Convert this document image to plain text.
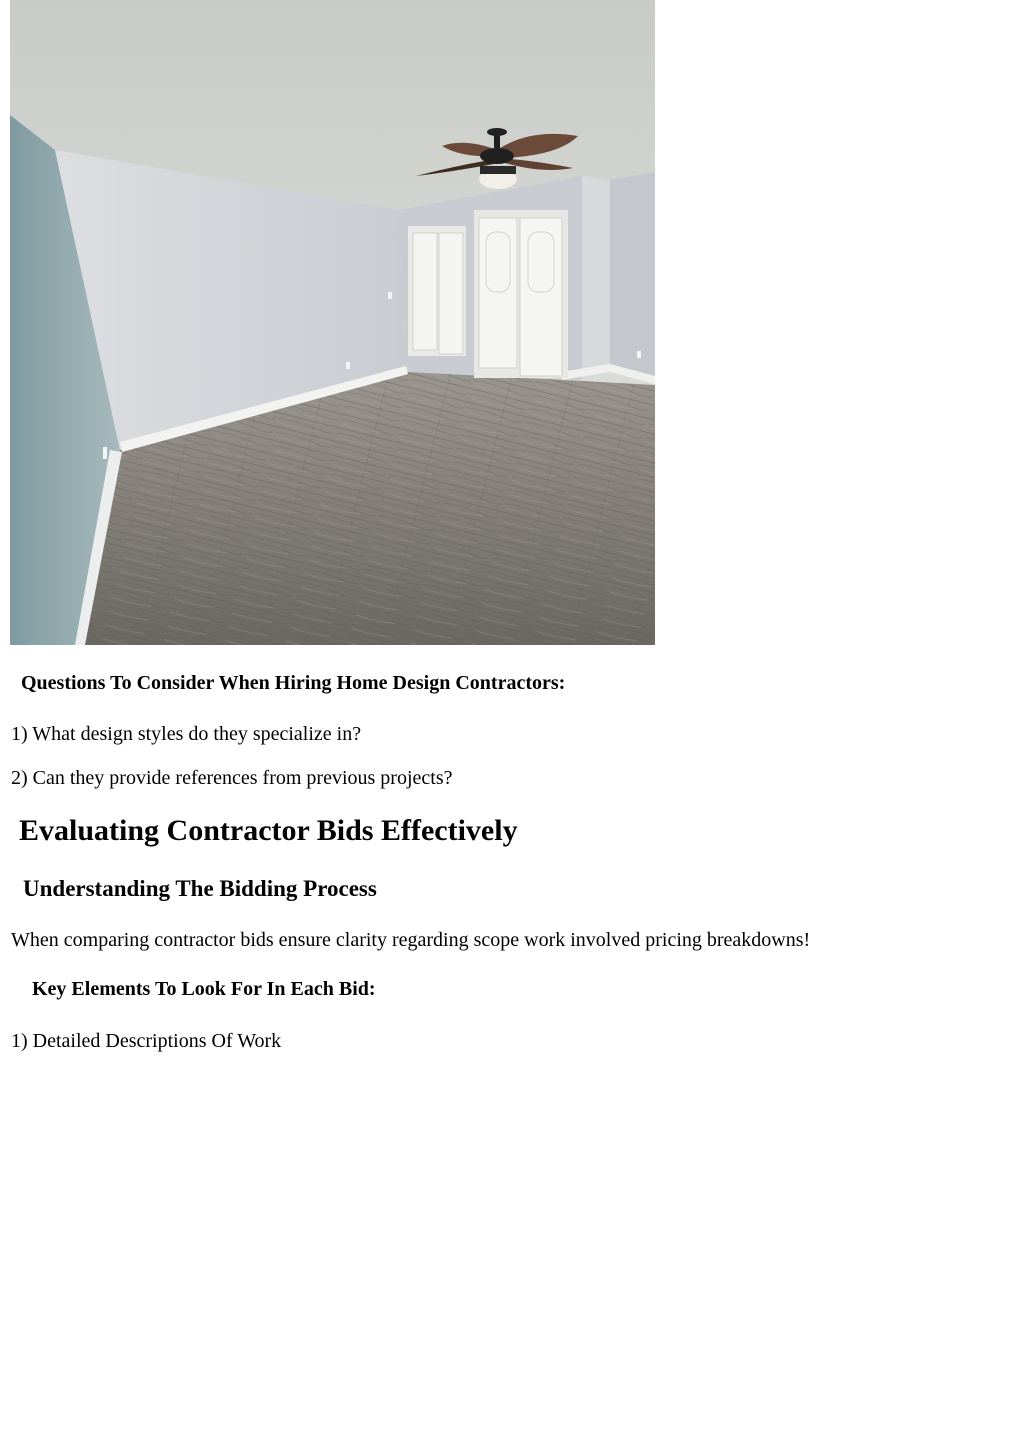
Questions To Consider When Hiring Home Design Contractors:

1) What design styles do they specialize in?

2) Can they provide references from previous projects?

Evaluating Contractor Bids Effectively
Understanding The Bidding Process

When comparing contractor bids ensure clarity regarding scope work involved pricing breakdowns!

Key Elements To Look For In Each Bid:

1) Detailed Descriptions Of Work
